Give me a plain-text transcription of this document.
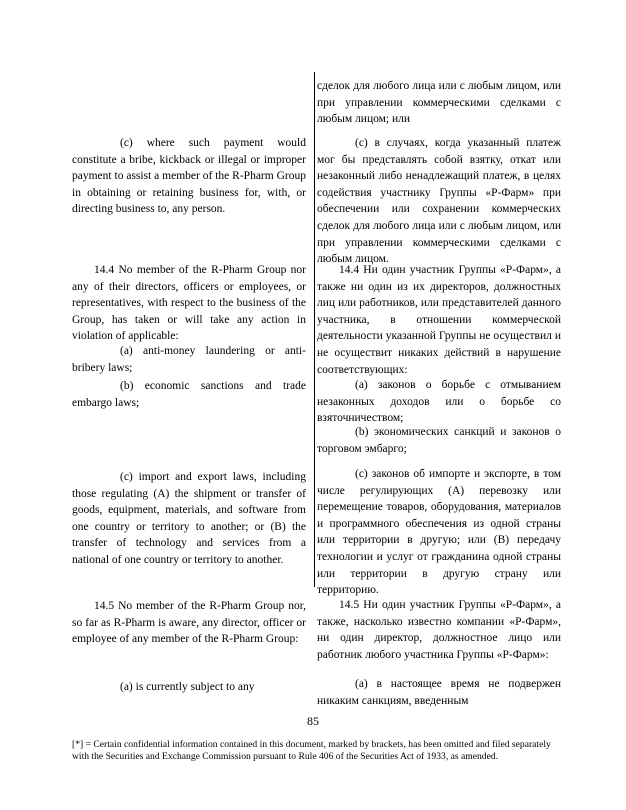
сделок для любого лица или с любым лицом, или при управлении коммерческими сделками с любым лицом; или

(c) в случаях, когда указанный платеж мог бы представлять собой взятку, откат или незаконный либо ненадлежащий платеж, в целях содействия участнику Группы «Р-Фарм» при обеспечении или сохранении коммерческих сделок для любого лица или с любым лицом, или при управлении коммерческими сделками с любым лицом.

14.4 Ни один участник Группы «Р-Фарм», а также ни один из их директоров, должностных лиц или работников, или представителей данного участника, в отношении коммерческой деятельности указанной Группы не осуществил и не осуществит никаких действий в нарушение соответствующих:

(a) законов о борьбе с отмыванием незаконных доходов или о борьбе со взяточничеством;

(b) экономических санкций и законов о торговом эмбарго;

(c) законов об импорте и экспорте, в том числе регулирующих (A) перевозку или перемещение товаров, оборудования, материалов и программного обеспечения из одной страны или территории в другую; или (B) передачу технологии и услуг от гражданина одной страны или территории в другую страну или территорию.

14.5 Ни один участник Группы «Р-Фарм», а также, насколько известно компании «Р-Фарм», ни один директор, должностное лицо или работник любого участника Группы «Р-Фарм»:

(a) в настоящее время не подвержен никаким санкциям, введенным

(c) where such payment would constitute a bribe, kickback or illegal or improper payment to assist a member of the R-Pharm Group in obtaining or retaining business for, with, or directing business to, any person.

14.4 No member of the R-Pharm Group nor any of their directors, officers or employees, or representatives, with respect to the business of the Group, has taken or will take any action in violation of applicable:

(a) anti-money laundering or anti-bribery laws;

(b) economic sanctions and trade embargo laws;

(c) import and export laws, including those regulating (A) the shipment or transfer of goods, equipment, materials, and software from one country or territory to another; or (B) the transfer of technology and services from a national of one country or territory to another.

14.5 No member of the R-Pharm Group nor, so far as R-Pharm is aware, any director, officer or employee of any member of the R-Pharm Group:

(a) is currently subject to any

85

[*] = Certain confidential information contained in this document, marked by brackets, has been omitted and filed separately with the Securities and Exchange Commission pursuant to Rule 406 of the Securities Act of 1933, as amended.
